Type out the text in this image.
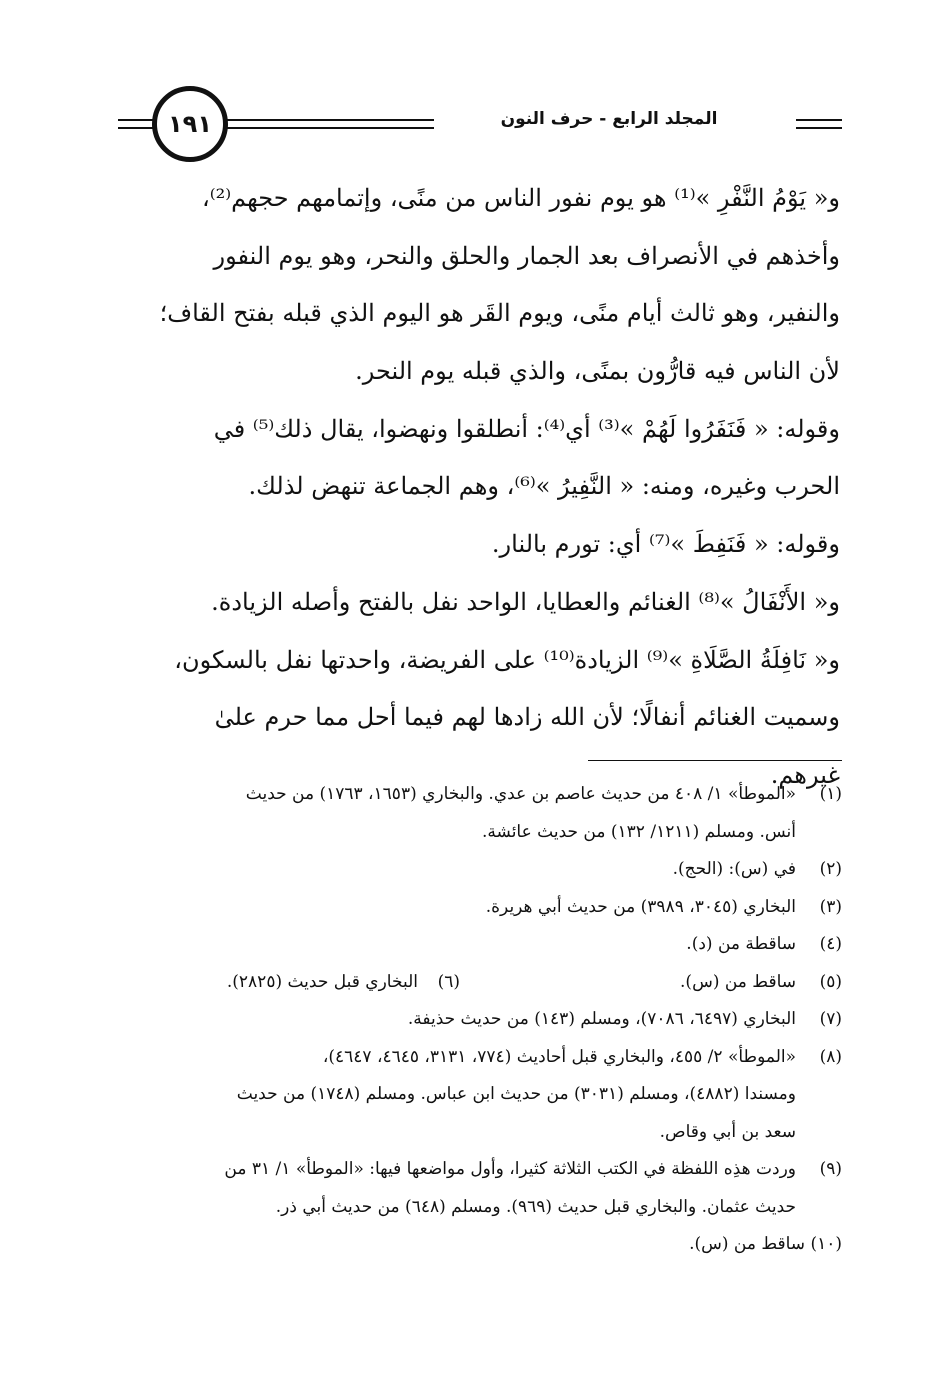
١٩١	المجلد الرابع - حرف النون
و« يَوْمُ النَّفْرِ »⁽¹⁾ هو يوم نفور الناس من منًى، وإتمامهم حجهم⁽²⁾،
وأخذهم في الأنصراف بعد الجمار والحلق والنحر، وهو يوم النفور
والنفير، وهو ثالث أيام منًى، ويوم القَر هو اليوم الذي قبله بفتح القاف؛
لأن الناس فيه قارُّون بمنًى، والذي قبله يوم النحر.
وقوله: « فَنَفَرُوا لَهُمْ »⁽³⁾ أي⁽⁴⁾: أنطلقوا ونهضوا، يقال ذلك⁽⁵⁾ في
الحرب وغيره، ومنه: « النَّفِيرُ »⁽⁶⁾، وهم الجماعة تنهض لذلك.
وقوله: « فَنَفِطَ »⁽⁷⁾ أي: تورم بالنار.
و« الأَنْفَالُ »⁽⁸⁾ الغنائم والعطايا، الواحد نفل بالفتح وأصله الزيادة.
و« نَافِلَةُ الصَّلَاةِ »⁽⁹⁾ الزيادة⁽¹⁰⁾ على الفريضة، واحدتها نفل بالسكون،
وسميت الغنائم أنفالًا؛ لأن الله زادها لهم فيما أحل مما حرم علىٰ
غيرهم.
(١)
«الموطأ» ١/ ٤٠٨ من حديث عاصم بن عدي. والبخاري (١٦٥٣، ١٧٦٣) من حديث
أنس. ومسلم (١٢١١/ ١٣٢) من حديث عائشة.
(٢)
في (س): (الحج).
(٣)
البخاري (٣٠٤٥، ٣٩٨٩) من حديث أبي هريرة.
(٤)
ساقطة من (د).
(٥)
ساقط من (س).
(٦)
البخاري قبل حديث (٢٨٢٥).
(٧)
البخاري (٦٤٩٧، ٧٠٨٦)، ومسلم (١٤٣) من حديث حذيفة.
(٨)
«الموطأ» ٢/ ٤٥٥، والبخاري قبل أحاديث (٧٧٤، ٣١٣١، ٤٦٤٥، ٤٦٤٧)،
ومسندا (٤٨٨٢)، ومسلم (٣٠٣١) من حديث ابن عباس. ومسلم (١٧٤٨) من حديث
سعد بن أبي وقاص.
(٩)
وردت هذِه اللفظة في الكتب الثلاثة كثيرا، وأول مواضعها فيها: «الموطأ» ١/ ٣١ من
حديث عثمان. والبخاري قبل حديث (٩٦٩). ومسلم (٦٤٨) من حديث أبي ذر.
(١٠) ساقط من (س).
